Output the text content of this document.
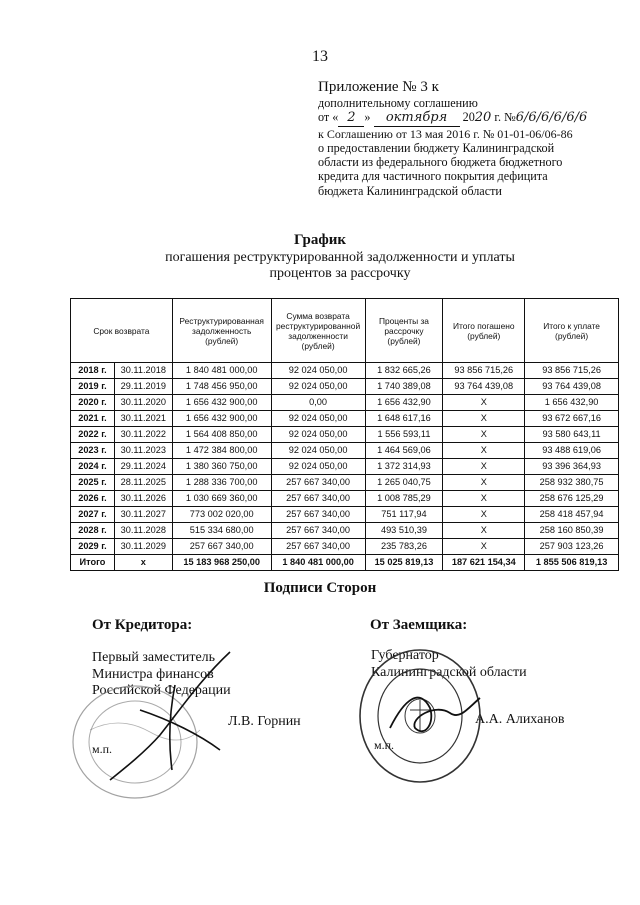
13
Приложение № 3 к
дополнительному соглашению
от « 2 » октября 2020 г. №6/6/6/6/6/6
к Соглашению от 13 мая 2016 г. № 01-01-06/06-86
о предоставлении бюджету Калининградской
области из федерального бюджета бюджетного
кредита для частичного покрытия дефицита
бюджета Калининградской области
График
погашения реструктурированной задолженности и уплаты процентов за рассрочку
Срок возврата		Реструктурированная задолженность (рублей)	Сумма возврата реструктурированной задолженности (рублей)	Проценты за рассрочку (рублей)	Итого погашено (рублей)	Итого к уплате (рублей)
2018 г.	30.11.2018	1 840 481 000,00	92 024 050,00	1 832 665,26	93 856 715,26	93 856 715,26
2019 г.	29.11.2019	1 748 456 950,00	92 024 050,00	1 740 389,08	93 764 439,08	93 764 439,08
2020 г.	30.11.2020	1 656 432 900,00	0,00	1 656 432,90	X	1 656 432,90
2021 г.	30.11.2021	1 656 432 900,00	92 024 050,00	1 648 617,16	X	93 672 667,16
2022 г.	30.11.2022	1 564 408 850,00	92 024 050,00	1 556 593,11	X	93 580 643,11
2023 г.	30.11.2023	1 472 384 800,00	92 024 050,00	1 464 569,06	X	93 488 619,06
2024 г.	29.11.2024	1 380 360 750,00	92 024 050,00	1 372 314,93	X	93 396 364,93
2025 г.	28.11.2025	1 288 336 700,00	257 667 340,00	1 265 040,75	X	258 932 380,75
2026 г.	30.11.2026	1 030 669 360,00	257 667 340,00	1 008 785,29	X	258 676 125,29
2027 г.	30.11.2027	773 002 020,00	257 667 340,00	751 117,94	X	258 418 457,94
2028 г.	30.11.2028	515 334 680,00	257 667 340,00	493 510,39	X	258 160 850,39
2029 г.	30.11.2029	257 667 340,00	257 667 340,00	235 783,26	X	257 903 123,26
Итого	x	15 183 968 250,00	1 840 481 000,00	15 025 819,13	187 621 154,34	1 855 506 819,13
Подписи Сторон
От Кредитора:	От Заемщика:
Первый заместитель
Министра финансов
Российской Федерации
Л.В. Горнин
м.п.
Губернатор
Калининградской области
А.А. Алиханов
м.п.
